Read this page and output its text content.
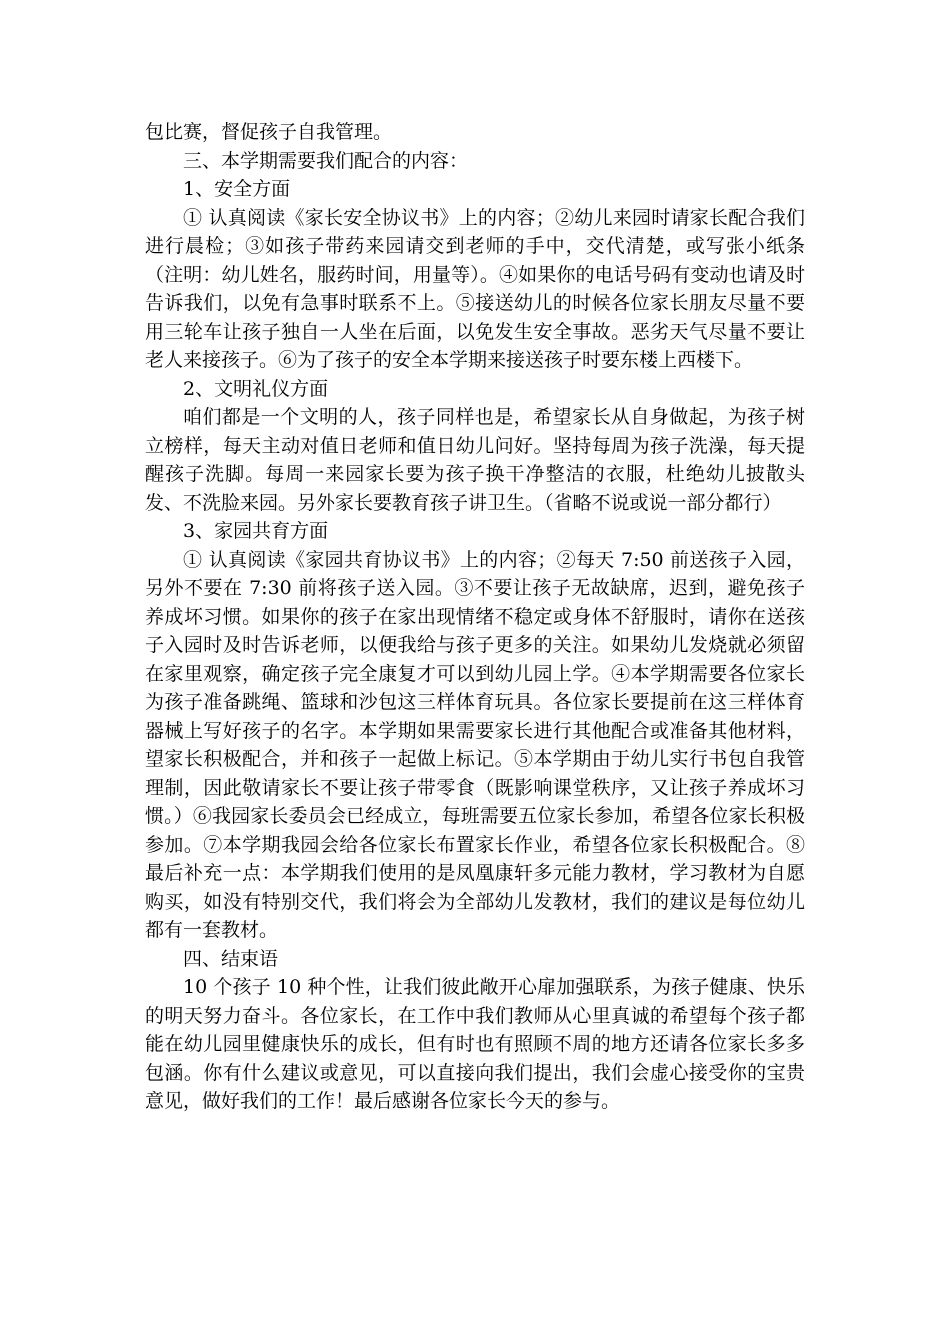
包比赛，督促孩子自我管理。

三、本学期需要我们配合的内容：

1、安全方面

① 认真阅读《家长安全协议书》上的内容；②幼儿来园时请家长配合我们进行晨检；③如孩子带药来园请交到老师的手中，交代清楚，或写张小纸条（注明：幼儿姓名，服药时间，用量等）。④如果你的电话号码有变动也请及时告诉我们，以免有急事时联系不上。⑤接送幼儿的时候各位家长朋友尽量不要用三轮车让孩子独自一人坐在后面，以免发生安全事故。恶劣天气尽量不要让老人来接孩子。⑥为了孩子的安全本学期来接送孩子时要东楼上西楼下。

2、文明礼仪方面

咱们都是一个文明的人，孩子同样也是，希望家长从自身做起，为孩子树立榜样，每天主动对值日老师和值日幼儿问好。坚持每周为孩子洗澡，每天提醒孩子洗脚。每周一来园家长要为孩子换干净整洁的衣服，杜绝幼儿披散头发、不洗脸来园。另外家长要教育孩子讲卫生。（省略不说或说一部分都行）

3、家园共育方面

① 认真阅读《家园共育协议书》上的内容；②每天 7:50 前送孩子入园，另外不要在 7:30 前将孩子送入园。③不要让孩子无故缺席，迟到，避免孩子养成坏习惯。如果你的孩子在家出现情绪不稳定或身体不舒服时，请你在送孩子入园时及时告诉老师，以便我给与孩子更多的关注。如果幼儿发烧就必须留在家里观察，确定孩子完全康复才可以到幼儿园上学。④本学期需要各位家长为孩子准备跳绳、篮球和沙包这三样体育玩具。各位家长要提前在这三样体育器械上写好孩子的名字。本学期如果需要家长进行其他配合或准备其他材料，望家长积极配合，并和孩子一起做上标记。⑤本学期由于幼儿实行书包自我管理制，因此敬请家长不要让孩子带零食（既影响课堂秩序，又让孩子养成坏习惯。）⑥我园家长委员会已经成立，每班需要五位家长参加，希望各位家长积极参加。⑦本学期我园会给各位家长布置家长作业，希望各位家长积极配合。⑧最后补充一点：本学期我们使用的是凤凰康轩多元能力教材，学习教材为自愿购买，如没有特别交代，我们将会为全部幼儿发教材，我们的建议是每位幼儿都有一套教材。

四、结束语

10 个孩子 10 种个性，让我们彼此敞开心扉加强联系，为孩子健康、快乐的明天努力奋斗。各位家长，在工作中我们教师从心里真诚的希望每个孩子都能在幼儿园里健康快乐的成长，但有时也有照顾不周的地方还请各位家长多多包涵。你有什么建议或意见，可以直接向我们提出，我们会虚心接受你的宝贵意见，做好我们的工作！最后感谢各位家长今天的参与。
